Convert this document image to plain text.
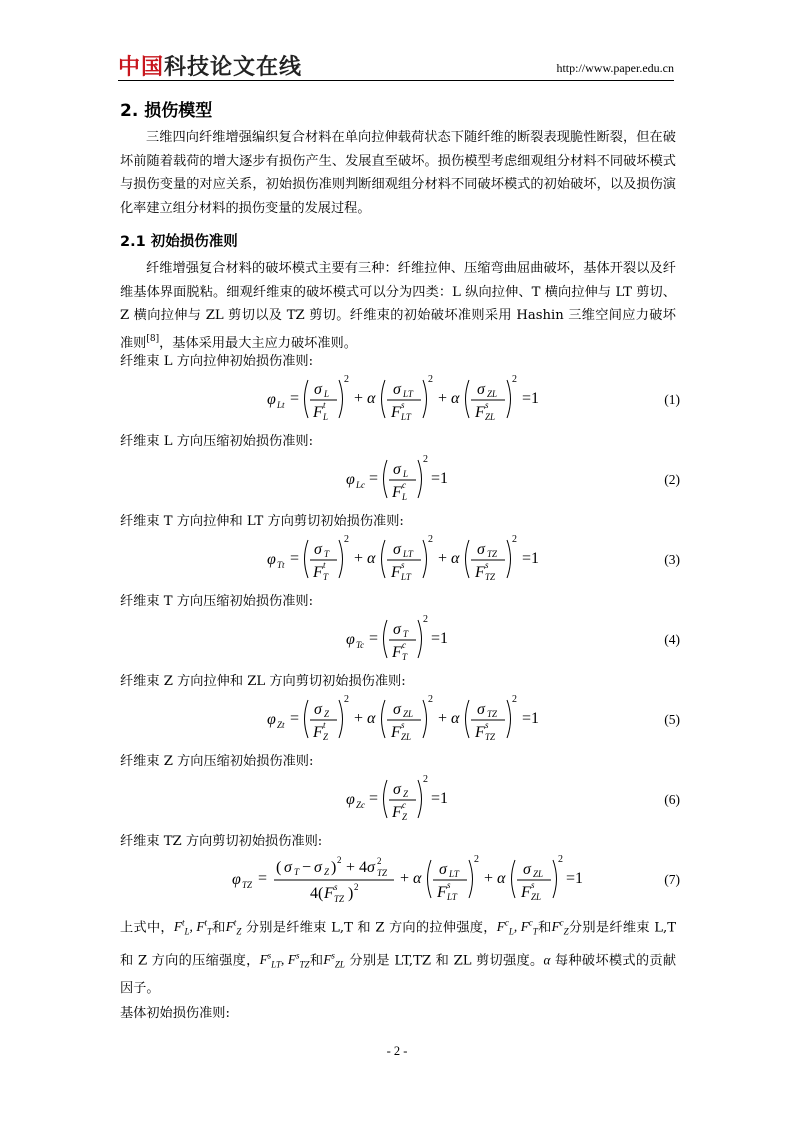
中国科技论文在线	http://www.paper.edu.cn
2. 损伤模型
三维四向纤维增强编织复合材料在单向拉伸载荷状态下随纤维的断裂表现脆性断裂，但在破坏前随着载荷的增大逐步有损伤产生、发展直至破坏。损伤模型考虑细观组分材料不同破坏模式与损伤变量的对应关系，初始损伤准则判断细观组分材料不同破坏模式的初始破坏，以及损伤演化率建立组分材料的损伤变量的发展过程。
2.1 初始损伤准则
纤维增强复合材料的破坏模式主要有三种：纤维拉伸、压缩弯曲屈曲破坏，基体开裂以及纤维基体界面脱粘。细观纤维束的破坏模式可以分为四类：L 纵向拉伸、T 横向拉伸与 LT 剪切、Z 横向拉伸与 ZL 剪切以及 TZ 剪切。纤维束的初始破坏准则采用 Hashin 三维空间应力破坏准则[8]，基体采用最大主应力破坏准则。
纤维束 L 方向拉伸初始损伤准则:
φ Lt =
σ L
F t
L
2
+ α
σ LT
F s
LT
2
+ α
σ ZL
F s
ZL
2
=1	(1)
纤维束 L 方向压缩初始损伤准则:
φ Lc =
σ L
F c
L
2
=1	(2)
纤维束 T 方向拉伸和 LT 方向剪切初始损伤准则:
φ Tt =
σ T
F t
T
2
+ α
σ LT
F s
LT
2
+ α
σ TZ
F s
TZ
2
=1	(3)
纤维束 T 方向压缩初始损伤准则:
φ Tc =
σ T
F c
T
2
=1	(4)
纤维束 Z 方向拉伸和 ZL 方向剪切初始损伤准则:
φ Zt =
σ Z
F t
Z
2
+ α
σ ZL
F s
ZL
2
+ α
σ TZ
F s
TZ
2
=1	(5)
纤维束 Z 方向压缩初始损伤准则:
φ Zc =
σ Z
F c
Z
2
=1	(6)
纤维束 TZ 方向剪切初始损伤准则:
φ TZ =
( σ T − σ Z ) 2 + 4 σ 2
TZ
4( F s
TZ ) 2	+ α
σ LT
F s
LT
2
+ α
σ ZL
F s
ZL
2
=1	(7)
上式中，$F^t_L$, $F^t_T$和$F^t_Z$ 分别是纤维束 L,T 和 Z 方向的拉伸强度，$F^c_L$, $F^c_T$和$F^c_Z$分别是纤维束 L,T 和 Z 方向的压缩强度，$F^s_{LT}$, $F^s_{TZ}$和$F^s_{ZL}$ 分别是 LT,TZ 和 ZL 剪切强度。α 每种破坏模式的贡献因子。
基体初始损伤准则:
- 2 -
